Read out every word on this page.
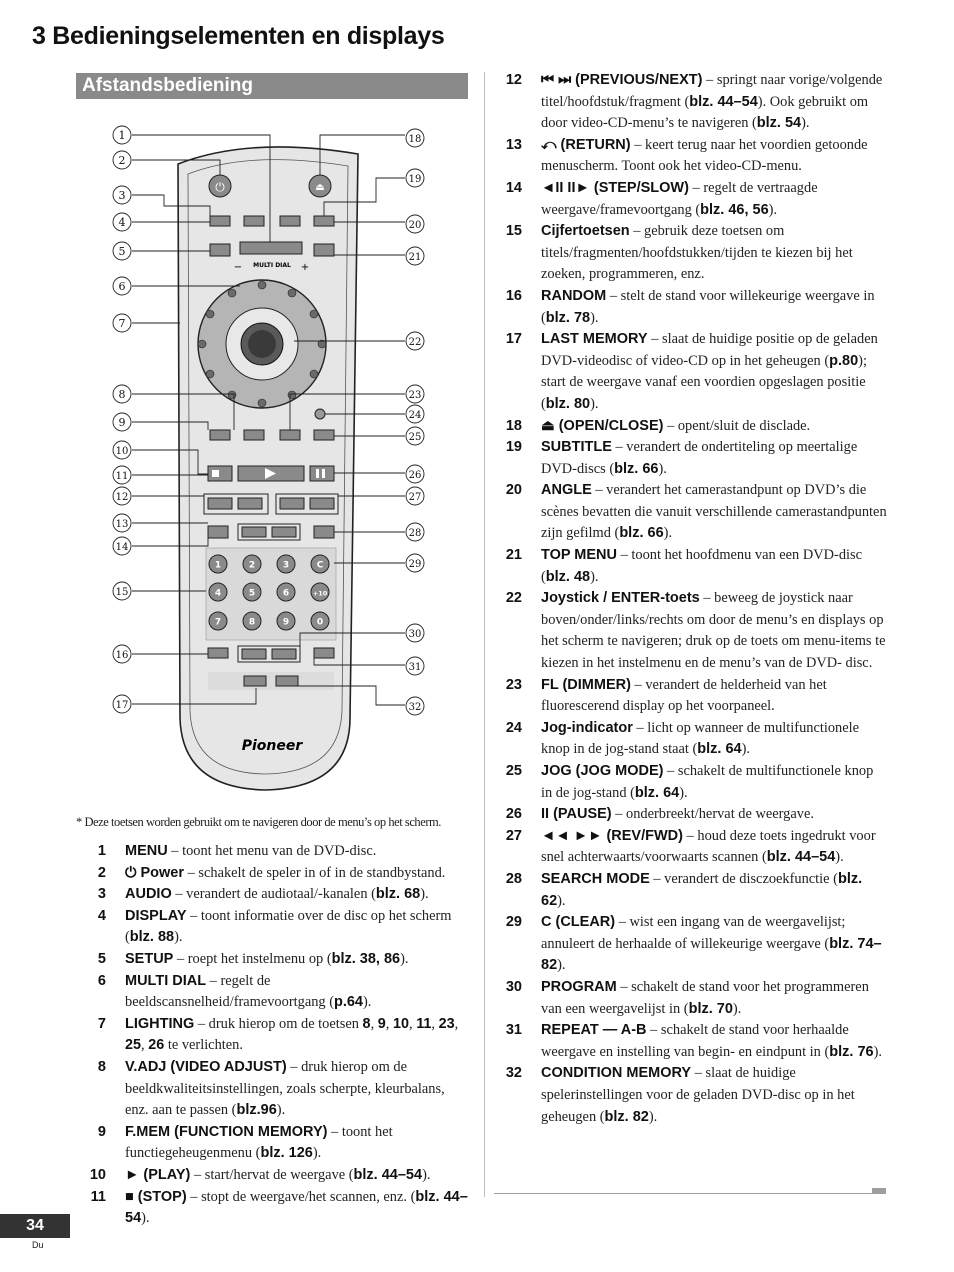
3 Bedieningselementen en displays
Afstandsbediening
⏻	⏏
− MULTI DIAL +
1	2	3	C
4	5	6	+10
7	8	9	0
Pioneer
1
2
3
4
5
6
7
8
9
10
11
12
13
14
15
16
17
18
19
20
21
22
23
24
25
26
27
28
29
30
31
32
* Deze toetsen worden gebruikt om te navigeren door de menu’s op het scherm.
1 MENU – toont het menu van de DVD-disc.
2 ⏻ Power – schakelt de speler in of in de standbystand.
3 AUDIO – verandert de audiotaal/-kanalen (blz. 68).
4 DISPLAY – toont informatie over de disc op het scherm (blz. 88).
5 SETUP – roept het instelmenu op (blz. 38, 86).
6 MULTI DIAL – regelt de beeldscansnelheid/framevoortgang (p.64).
7 LIGHTING – druk hierop om de toetsen 8, 9, 10, 11, 23, 25, 26 te verlichten.
8 V.ADJ (VIDEO ADJUST) – druk hierop om de beeldkwaliteitsinstellingen, zoals scherpte, kleurbalans, enz. aan te passen (blz.96).
9 F.MEM (FUNCTION MEMORY) – toont het functiegeheugenmenu (blz. 126).
10 ► (PLAY) – start/hervat de weergave (blz. 44–54).
11 ■ (STOP) – stopt de weergave/het scannen, enz. (blz. 44–54).
12 ⏮ ⏭ (PREVIOUS/NEXT) – springt naar vorige/volgende titel/hoofdstuk/fragment (blz. 44–54). Ook gebruikt om door video-CD-menu’s te navigeren (blz. 54).
13 ⤺ (RETURN) – keert terug naar het voordien getoonde menuscherm. Toont ook het video-CD-menu.
14 ◄II II► (STEP/SLOW) – regelt de vertraagde weergave/framevoortgang (blz. 46, 56).
15 Cijfertoetsen – gebruik deze toetsen om titels/fragmenten/hoofdstukken/tijden te kiezen bij het zoeken, programmeren, enz.
16 RANDOM – stelt de stand voor willekeurige weergave in (blz. 78).
17 LAST MEMORY – slaat de huidige positie op de geladen DVD-videodisc of video-CD op in het geheugen (p.80); start de weergave vanaf een voordien opgeslagen positie (blz. 80).
18 ⏏ (OPEN/CLOSE) – opent/sluit de disclade.
19 SUBTITLE – verandert de ondertiteling op meertalige DVD-discs (blz. 66).
20 ANGLE – verandert het camerastandpunt op DVD’s die scènes bevatten die vanuit verschillende camerastandpunten zijn gefilmd (blz. 66).
21 TOP MENU – toont het hoofdmenu van een DVD-disc (blz. 48).
22 Joystick / ENTER-toets – beweeg de joystick naar boven/onder/links/rechts om door de menu’s en displays op het scherm te navigeren; druk op de toets om menu-items te kiezen in het instelmenu en de menu’s van de DVD- disc.
23 FL (DIMMER) – verandert de helderheid van het fluorescerend display op het voorpaneel.
24 Jog-indicator – licht op wanneer de multifunctionele knop in de jog-stand staat (blz. 64).
25 JOG (JOG MODE) – schakelt de multifunctionele knop in de jog-stand (blz. 64).
26 II (PAUSE) – onderbreekt/hervat de weergave.
27 ◄◄ ►► (REV/FWD) – houd deze toets ingedrukt voor snel achterwaarts/voorwaarts scannen (blz. 44–54).
28 SEARCH MODE – verandert de disczoekfunctie (blz. 62).
29 C (CLEAR) – wist een ingang van de weergavelijst; annuleert de herhaalde of willekeurige weergave (blz. 74–82).
30 PROGRAM – schakelt de stand voor het programmeren van een weergavelijst in (blz. 70).
31 REPEAT — A-B – schakelt de stand voor herhaalde weergave en instelling van begin- en eindpunt in (blz. 76).
32 CONDITION MEMORY – slaat de huidige spelerinstellingen voor de geladen DVD-disc op in het geheugen (blz. 82).
34
Du
